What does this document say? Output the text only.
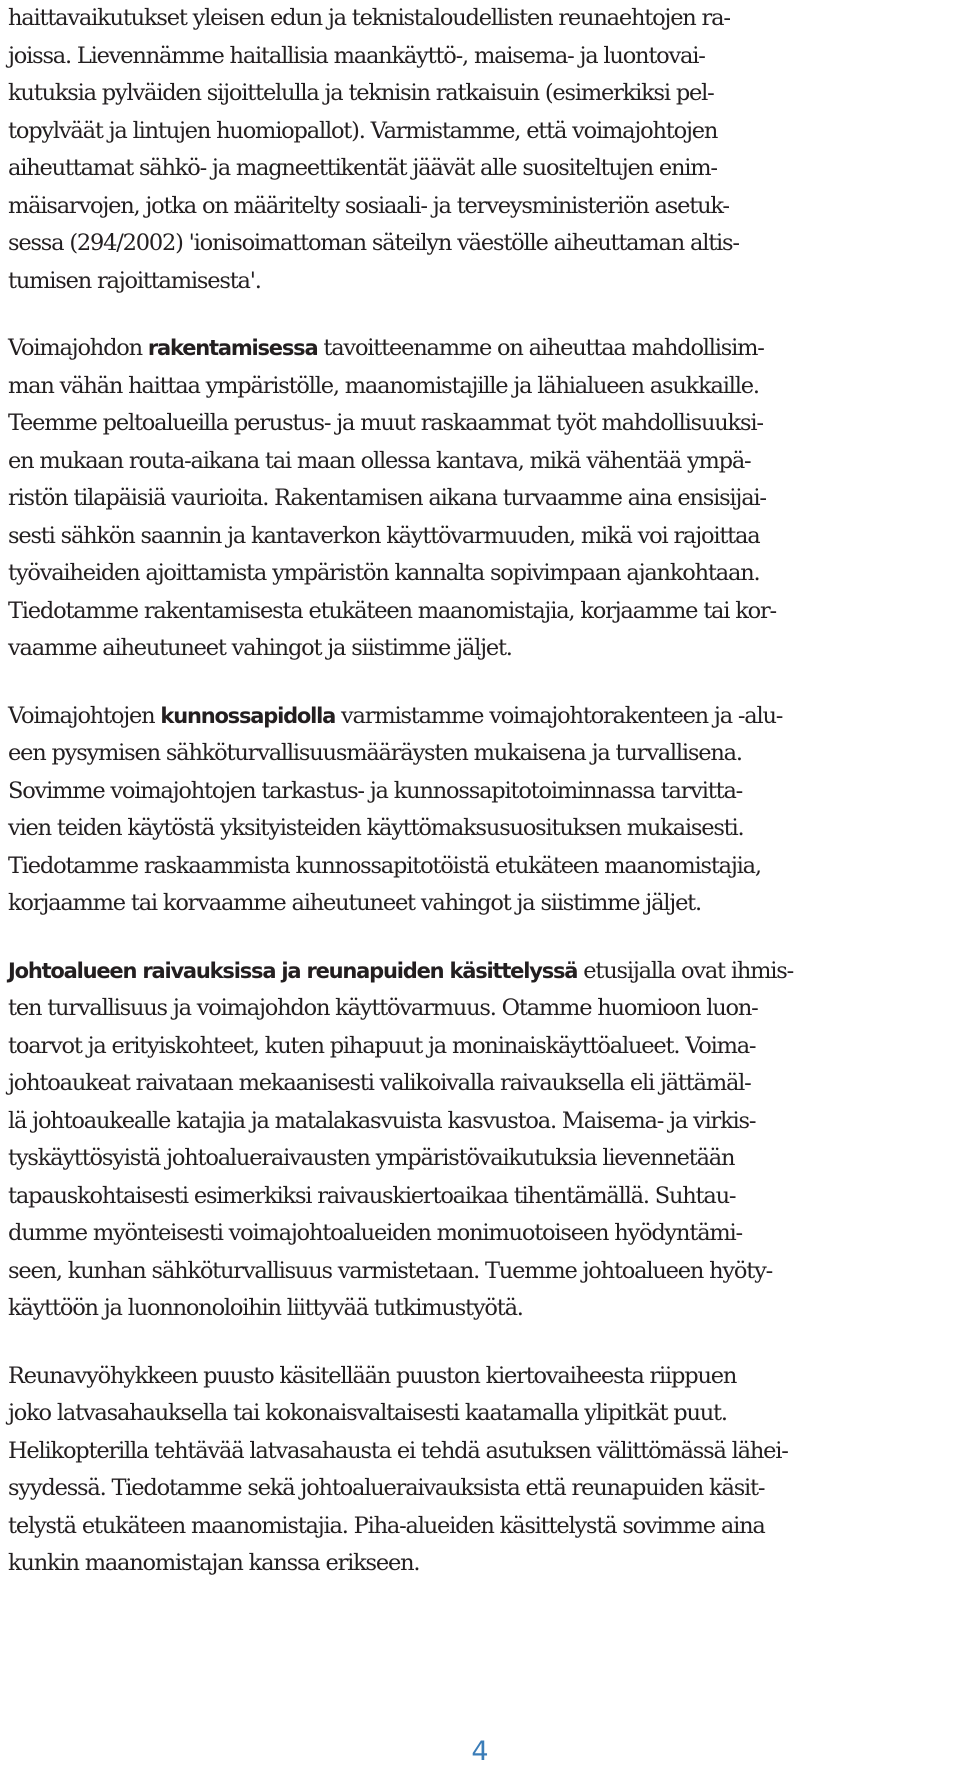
haittavaikutukset yleisen edun ja teknistaloudellisten reunaehtojen ra-
joissa. Lievennämme haitallisia maankäyttö-, maisema- ja luontovai-
kutuksia pylväiden sijoittelulla ja teknisin ratkaisuin (esimerkiksi pel-
topylväät ja lintujen huomiopallot). Varmistamme, että voimajohtojen
aiheuttamat sähkö- ja magneettikentät jäävät alle suositeltujen enim-
mäisarvojen, jotka on määritelty sosiaali- ja terveysministeriön asetuk-
sessa (294/2002) 'ionisoimattoman säteilyn väestölle aiheuttaman altis-
tumisen rajoittamisesta'.
Voimajohdon rakentamisessa tavoitteenamme on aiheuttaa mahdollisim-
man vähän haittaa ympäristölle, maanomistajille ja lähialueen asukkaille.
Teemme peltoalueilla perustus- ja muut raskaammat työt mahdollisuuksi-
en mukaan routa-aikana tai maan ollessa kantava, mikä vähentää ympä-
ristön tilapäisiä vaurioita. Rakentamisen aikana turvaamme aina ensisijai-
sesti sähkön saannin ja kantaverkon käyttövarmuuden, mikä voi rajoittaa
työvaiheiden ajoittamista ympäristön kannalta sopivimpaan ajankohtaan.
Tiedotamme rakentamisesta etukäteen maanomistajia, korjaamme tai kor-
vaamme aiheutuneet vahingot ja siistimme jäljet.
Voimajohtojen kunnossapidolla varmistamme voimajohtorakenteen ja -alu-
een pysymisen sähköturvallisuusmääräysten mukaisena ja turvallisena.
Sovimme voimajohtojen tarkastus- ja kunnossapitotoiminnassa tarvitta-
vien teiden käytöstä yksityisteiden käyttömaksusuosituksen mukaisesti.
Tiedotamme raskaammista kunnossapitotöistä etukäteen maanomistajia,
korjaamme tai korvaamme aiheutuneet vahingot ja siistimme jäljet.
Johtoalueen raivauksissa ja reunapuiden käsittelyssä etusijalla ovat ihmis-
ten turvallisuus ja voimajohdon käyttövarmuus. Otamme huomioon luon-
toarvot ja erityiskohteet, kuten pihapuut ja moninaiskäyttöalueet. Voima-
johtoaukeat raivataan mekaanisesti valikoivalla raivauksella eli jättämäl-
lä johtoaukealle katajia ja matalakasvuista kasvustoa. Maisema- ja virkis-
tyskäyttösyistä johtoalueraivausten ympäristövaikutuksia lievennetään
tapauskohtaisesti esimerkiksi raivauskiertoaikaa tihentämällä. Suhtau-
dumme myönteisesti voimajohtoalueiden monimuotoiseen hyödyntämi-
seen, kunhan sähköturvallisuus varmistetaan. Tuemme johtoalueen hyöty-
käyttöön ja luonnonoloihin liittyvää tutkimustyötä.
Reunavyöhykkeen puusto käsitellään puuston kiertovaiheesta riippuen
joko latvasahauksella tai kokonaisvaltaisesti kaatamalla ylipitkät puut.
Helikopterilla tehtävää latvasahausta ei tehdä asutuksen välittömässä lähei-
syydessä. Tiedotamme sekä johtoalueraivauksista että reunapuiden käsit-
telystä etukäteen maanomistajia. Piha-alueiden käsittelystä sovimme aina
kunkin maanomistajan kanssa erikseen.
4
